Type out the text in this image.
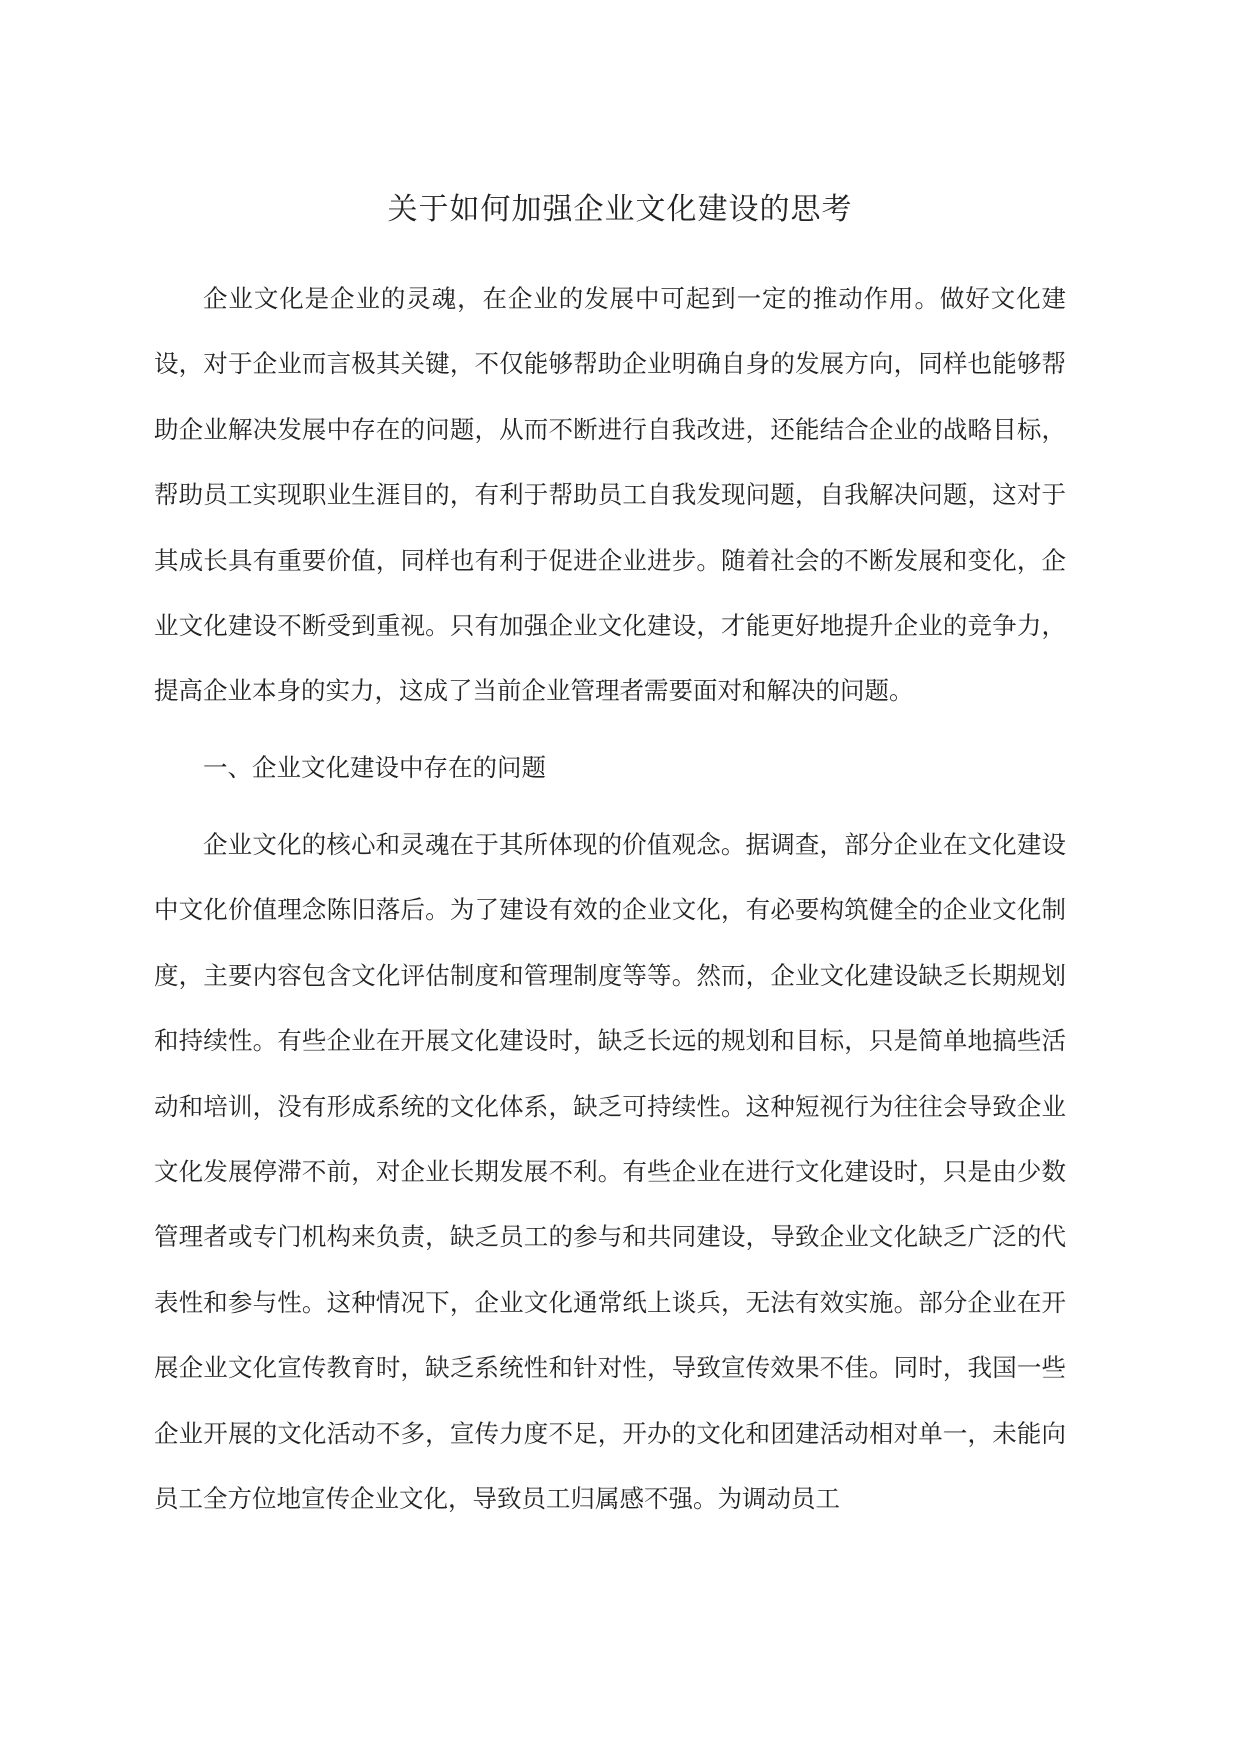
关于如何加强企业文化建设的思考

企业文化是企业的灵魂，在企业的发展中可起到一定的推动作用。做好文化建设，对于企业而言极其关键，不仅能够帮助企业明确自身的发展方向，同样也能够帮助企业解决发展中存在的问题，从而不断进行自我改进，还能结合企业的战略目标，帮助员工实现职业生涯目的，有利于帮助员工自我发现问题，自我解决问题，这对于其成长具有重要价值，同样也有利于促进企业进步。随着社会的不断发展和变化，企业文化建设不断受到重视。只有加强企业文化建设，才能更好地提升企业的竞争力，提高企业本身的实力，这成了当前企业管理者需要面对和解决的问题。

一、企业文化建设中存在的问题

企业文化的核心和灵魂在于其所体现的价值观念。据调查，部分企业在文化建设中文化价值理念陈旧落后。为了建设有效的企业文化，有必要构筑健全的企业文化制度，主要内容包含文化评估制度和管理制度等等。然而，企业文化建设缺乏长期规划和持续性。有些企业在开展文化建设时，缺乏长远的规划和目标，只是简单地搞些活动和培训，没有形成系统的文化体系，缺乏可持续性。这种短视行为往往会导致企业文化发展停滞不前，对企业长期发展不利。有些企业在进行文化建设时，只是由少数管理者或专门机构来负责，缺乏员工的参与和共同建设，导致企业文化缺乏广泛的代表性和参与性。这种情况下，企业文化通常纸上谈兵，无法有效实施。部分企业在开展企业文化宣传教育时，缺乏系统性和针对性，导致宣传效果不佳。同时，我国一些企业开展的文化活动不多，宣传力度不足，开办的文化和团建活动相对单一，未能向员工全方位地宣传企业文化，导致员工归属感不强。为调动员工
